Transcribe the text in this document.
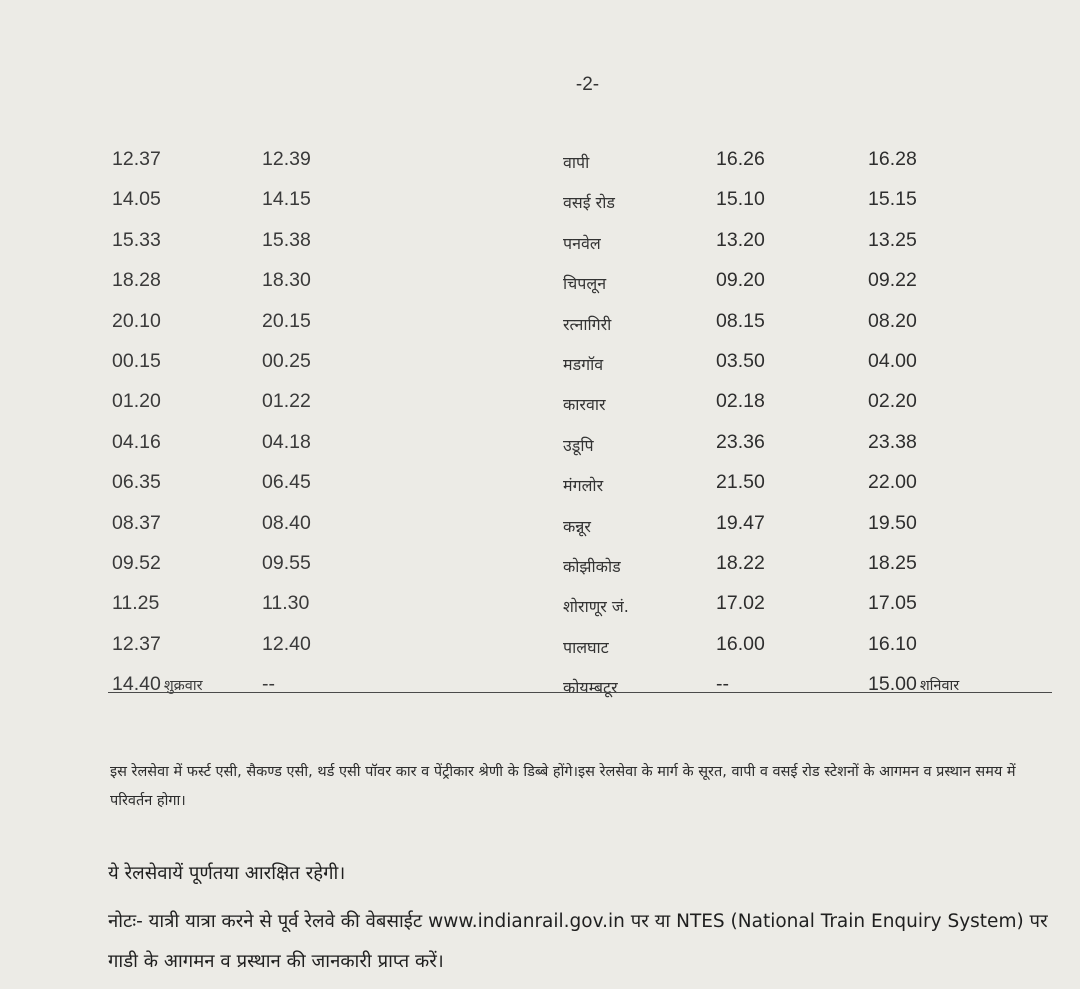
-2-
12.37	12.39	वापी	16.26	16.28
14.05	14.15	वसई रोड	15.10	15.15
15.33	15.38	पनवेल	13.20	13.25
18.28	18.30	चिपलून	09.20	09.22
20.10	20.15	रत्नागिरी	08.15	08.20
00.15	00.25	मडगॉव	03.50	04.00
01.20	01.22	कारवार	02.18	02.20
04.16	04.18	उडूपि	23.36	23.38
06.35	06.45	मंगलोर	21.50	22.00
08.37	08.40	कन्नूर	19.47	19.50
09.52	09.55	कोझीकोड	18.22	18.25
11.25	11.30	शोराणूर जं.	17.02	17.05
12.37	12.40	पालघाट	16.00	16.10
14.40 शुक्रवार	--	कोयम्बटूर	--	15.00 शनिवार

इस रेलसेवा में फर्स्ट एसी, सैकण्ड एसी, थर्ड एसी पॉवर कार व पेंट्रीकार श्रेणी के डिब्बे होंगे।इस रेलसेवा के मार्ग के सूरत, वापी व वसई रोड स्टेशनों के आगमन व प्रस्थान समय में परिवर्तन होगा।

ये रेलसेवायें पूर्णतया आरक्षित रहेगी।

नोटः- यात्री यात्रा करने से पूर्व रेलवे की वेबसाईट www.indianrail.gov.in पर या NTES (National Train Enquiry System) पर गाडी के आगमन व प्रस्थान की जानकारी प्राप्त करें।
